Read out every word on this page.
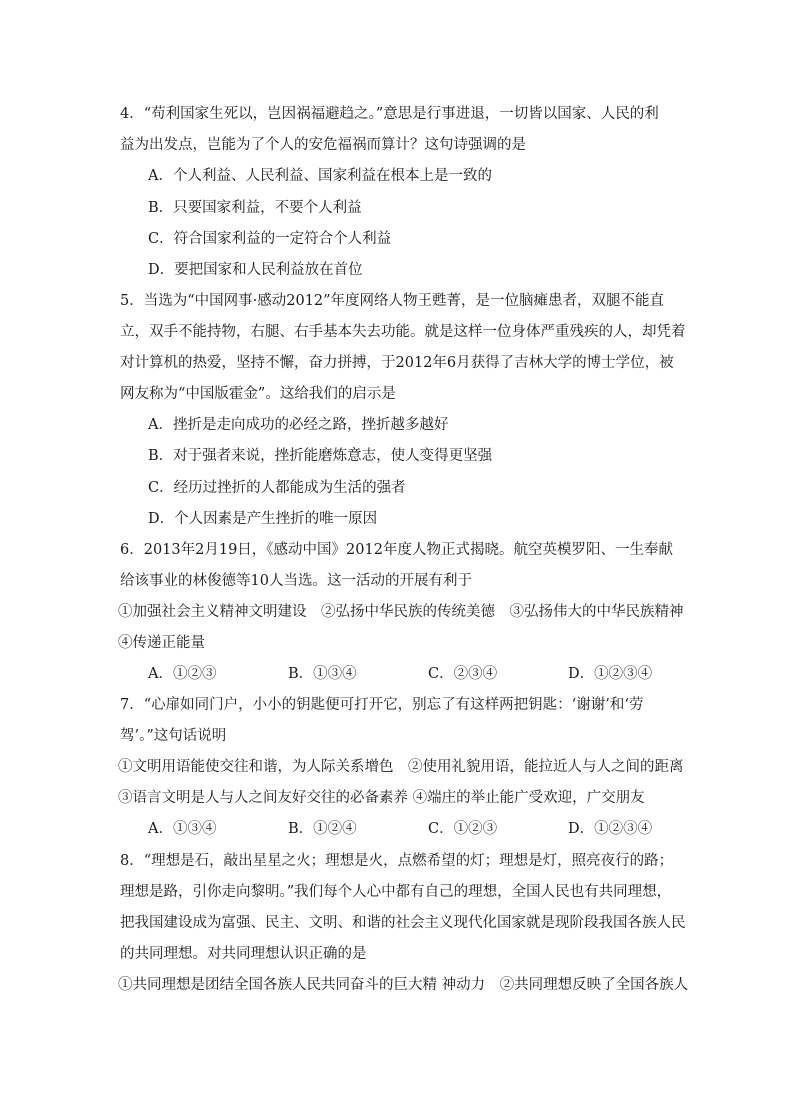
4．“苟利国家生死以，岂因祸福避趋之。”意思是行事进退，一切皆以国家、人民的利
益为出发点，岂能为了个人的安危福祸而算计？这句诗强调的是
A．个人利益、人民利益、国家利益在根本上是一致的
B．只要国家利益，不要个人利益
C．符合国家利益的一定符合个人利益
D．要把国家和人民利益放在首位
5．当选为“中国网事·感动2012”年度网络人物王甦菁，是一位脑瘫患者，双腿不能直
立，双手不能持物，右腿、右手基本失去功能。就是这样一位身体严重残疾的人，却凭着
对计算机的热爱，坚持不懈，奋力拼搏，于2012年6月获得了吉林大学的博士学位，被
网友称为“中国版霍金”。这给我们的启示是
A．挫折是走向成功的必经之路，挫折越多越好
B．对于强者来说，挫折能磨炼意志，使人变得更坚强
C．经历过挫折的人都能成为生活的强者
D．个人因素是产生挫折的唯一原因
6．2013年2月19日，《感动中国》2012年度人物正式揭晓。航空英模罗阳、一生奉献
给该事业的林俊德等10人当选。这一活动的开展有利于
①加强社会主义精神文明建设　②弘扬中华民族的传统美德　③弘扬伟大的中华民族精神
④传递正能量
A．①②③	B．①③④	C．②③④	D．①②③④
7．“心扉如同门户，小小的钥匙便可打开它，别忘了有这样两把钥匙：‘谢谢’和‘劳
驾’。”这句话说明
①文明用语能使交往和谐，为人际关系增色　②使用礼貌用语，能拉近人与人之间的距离
③语言文明是人与人之间友好交往的必备素养 ④端庄的举止能广受欢迎，广交朋友
A．①③④	B．①②④	C．①②③	D．①②③④
8．“理想是石，敲出星星之火；理想是火，点燃希望的灯；理想是灯，照亮夜行的路；
理想是路，引你走向黎明。”我们每个人心中都有自己的理想，全国人民也有共同理想，
把我国建设成为富强、民主、文明、和谐的社会主义现代化国家就是现阶段我国各族人民
的共同理想。对共同理想认识正确的是
①共同理想是团结全国各族人民共同奋斗的巨大精 神动力　②共同理想反映了全国各族人
